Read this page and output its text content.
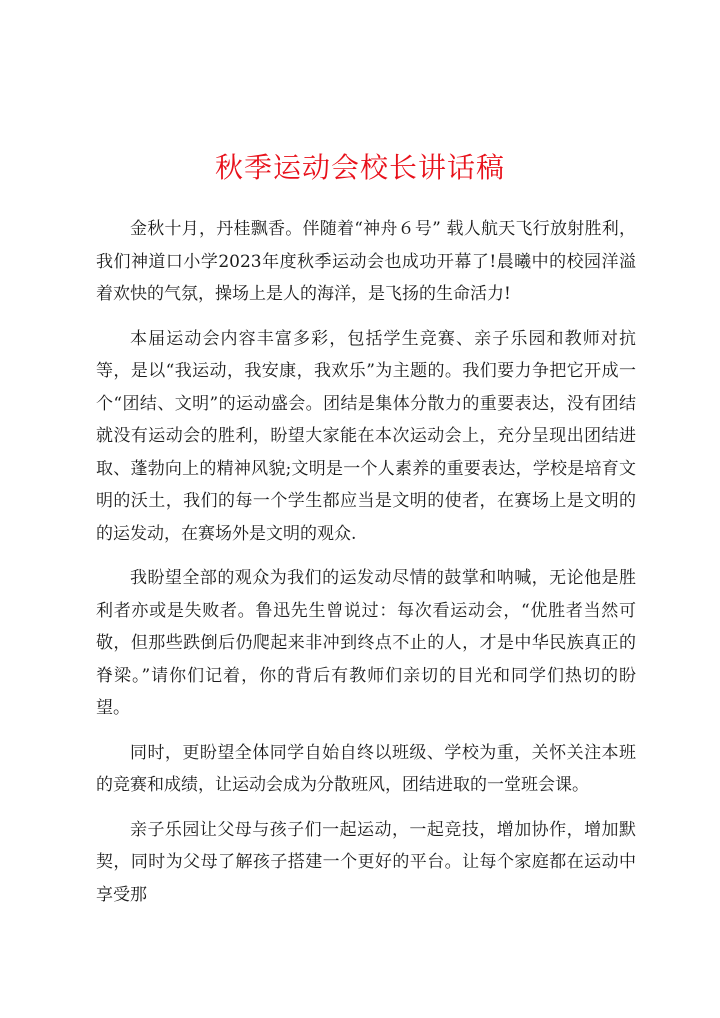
秋季运动会校长讲话稿

金秋十月，丹桂飘香。伴随着“神舟６号” 载人航天飞行放射胜利，我们神道口小学2023年度秋季运动会也成功开幕了!晨曦中的校园洋溢着欢快的气氛，操场上是人的海洋，是飞扬的生命活力!

本届运动会内容丰富多彩，包括学生竞赛、亲子乐园和教师对抗等，是以“我运动，我安康，我欢乐”为主题的。我们要力争把它开成一个“团结、文明”的运动盛会。团结是集体分散力的重要表达，没有团结就没有运动会的胜利，盼望大家能在本次运动会上，充分呈现出团结进取、蓬勃向上的精神风貌;文明是一个人素养的重要表达，学校是培育文明的沃土，我们的每一个学生都应当是文明的使者，在赛场上是文明的的运发动，在赛场外是文明的观众.

我盼望全部的观众为我们的运发动尽情的鼓掌和呐喊，无论他是胜利者亦或是失败者。鲁迅先生曾说过：每次看运动会，“优胜者当然可敬，但那些跌倒后仍爬起来非冲到终点不止的人，才是中华民族真正的脊梁。”请你们记着，你的背后有教师们亲切的目光和同学们热切的盼望。

同时，更盼望全体同学自始自终以班级、学校为重，关怀关注本班的竞赛和成绩，让运动会成为分散班风，团结进取的一堂班会课。

亲子乐园让父母与孩子们一起运动，一起竞技，增加协作，增加默契，同时为父母了解孩子搭建一个更好的平台。让每个家庭都在运动中享受那
